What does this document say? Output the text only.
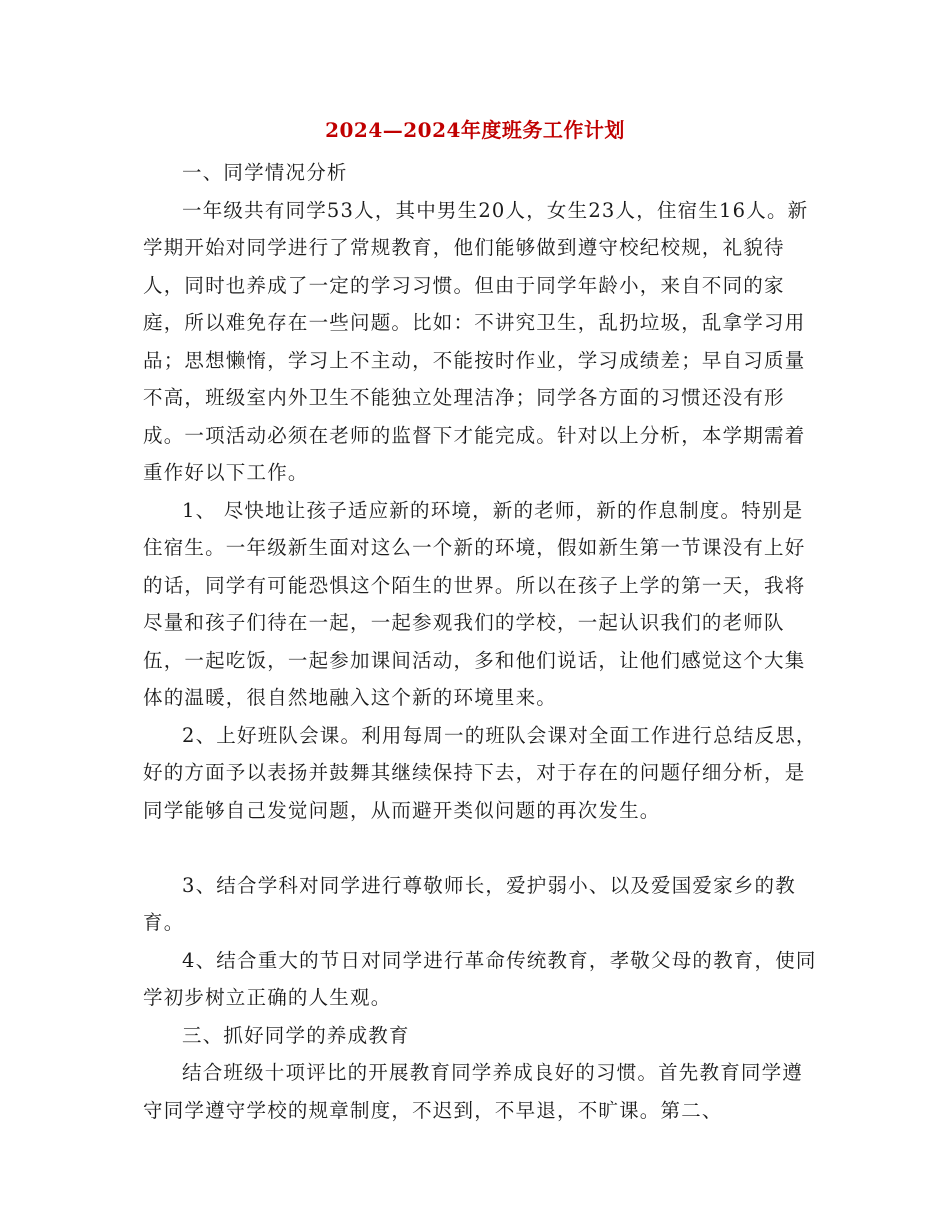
2024—2024年度班务工作计划

一、同学情况分析

一年级共有同学53人，其中男生20人，女生23人，住宿生16人。新学期开始对同学进行了常规教育，他们能够做到遵守校纪校规，礼貌待人，同时也养成了一定的学习习惯。但由于同学年龄小，来自不同的家庭，所以难免存在一些问题。比如：不讲究卫生，乱扔垃圾，乱拿学习用品；思想懒惰，学习上不主动，不能按时作业，学习成绩差；早自习质量不高，班级室内外卫生不能独立处理洁净；同学各方面的习惯还没有形成。一项活动必须在老师的监督下才能完成。针对以上分析，本学期需着重作好以下工作。

1、 尽快地让孩子适应新的环境，新的老师，新的作息制度。特别是住宿生。一年级新生面对这么一个新的环境，假如新生第一节课没有上好的话，同学有可能恐惧这个陌生的世界。所以在孩子上学的第一天，我将尽量和孩子们待在一起，一起参观我们的学校，一起认识我们的老师队伍，一起吃饭，一起参加课间活动，多和他们说话，让他们感觉这个大集体的温暖，很自然地融入这个新的环境里来。

2、上好班队会课。利用每周一的班队会课对全面工作进行总结反思，好的方面予以表扬并鼓舞其继续保持下去，对于存在的问题仔细分析，是同学能够自己发觉问题，从而避开类似问题的再次发生。

3、结合学科对同学进行尊敬师长，爱护弱小、以及爱国爱家乡的教育。

4、结合重大的节日对同学进行革命传统教育，孝敬父母的教育，使同学初步树立正确的人生观。

三、抓好同学的养成教育

结合班级十项评比的开展教育同学养成良好的习惯。首先教育同学遵守同学遵守学校的规章制度，不迟到，不早退，不旷课。第二、
